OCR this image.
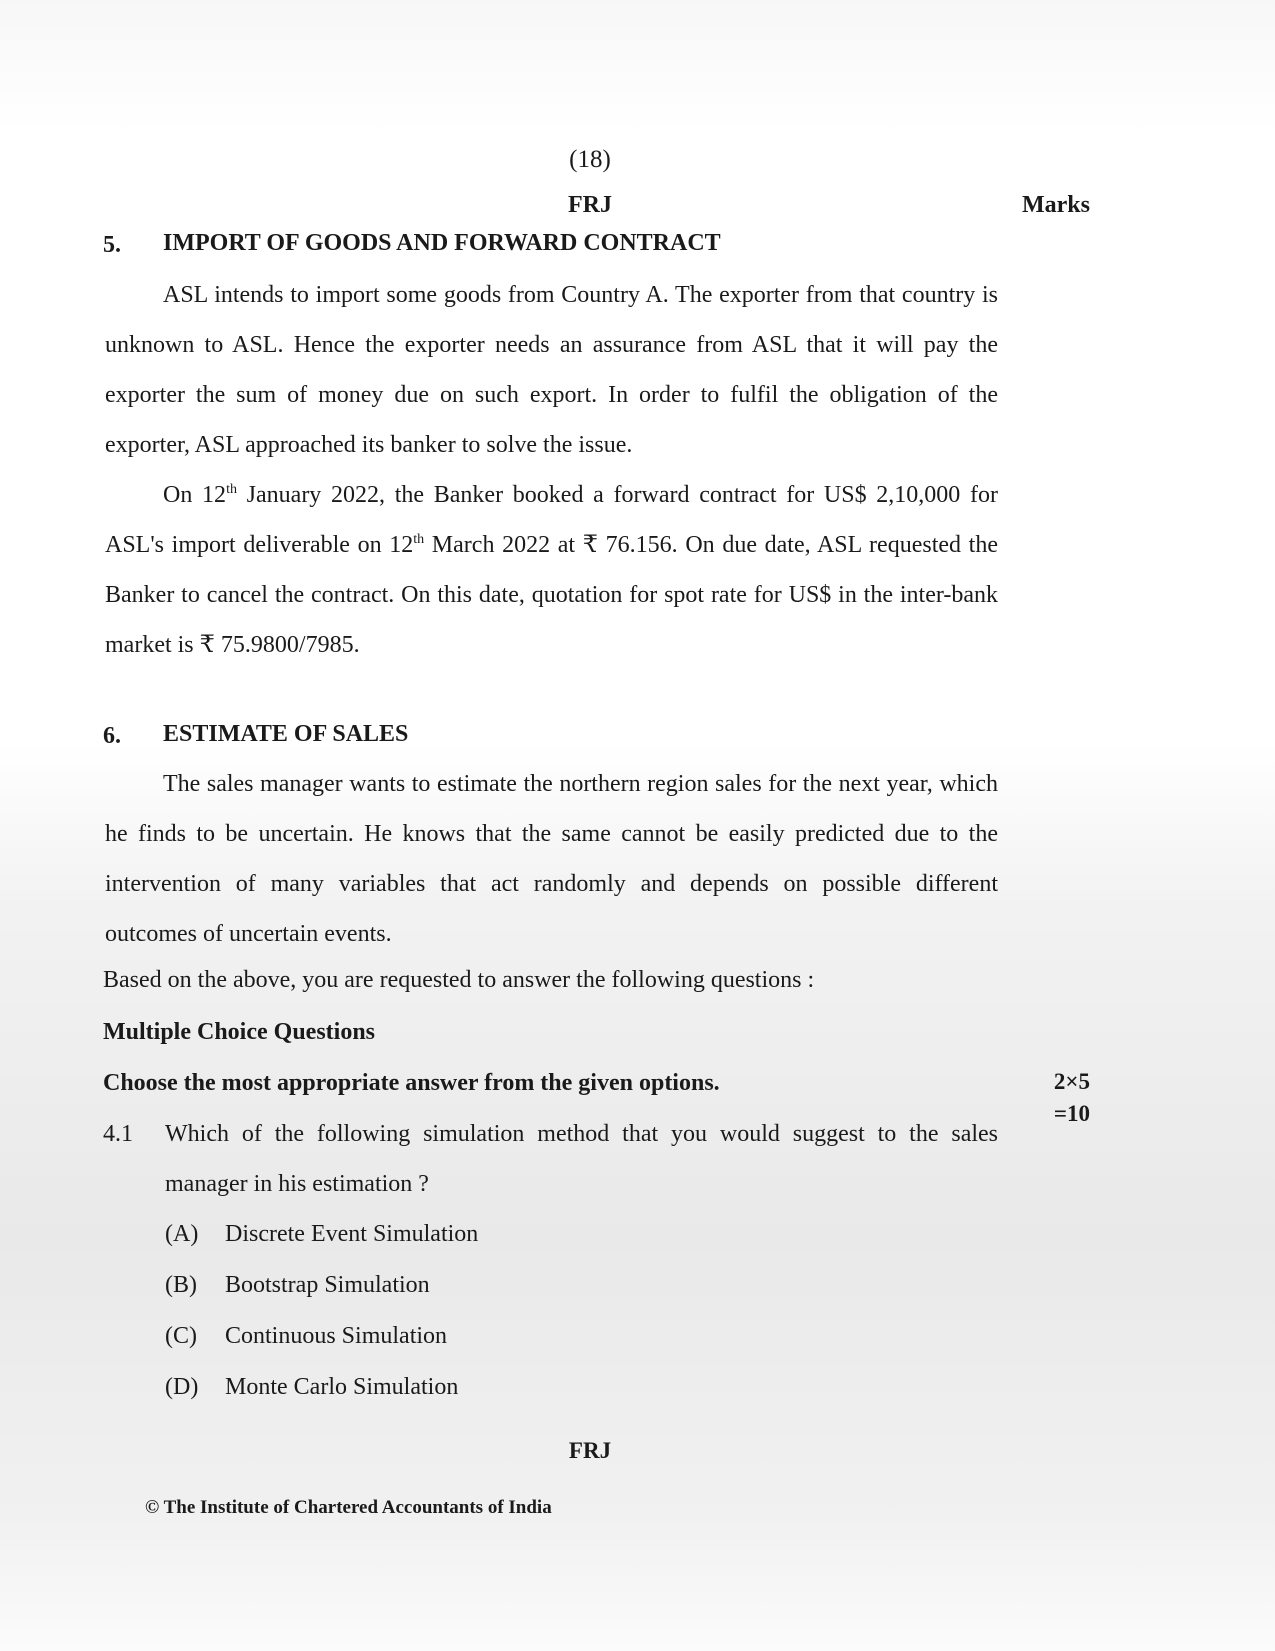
(18)
FRJ	Marks
5. IMPORT OF GOODS AND FORWARD CONTRACT

ASL intends to import some goods from Country A. The exporter from that country is unknown to ASL. Hence the exporter needs an assurance from ASL that it will pay the exporter the sum of money due on such export. In order to fulfil the obligation of the exporter, ASL approached its banker to solve the issue.

On 12th January 2022, the Banker booked a forward contract for US$ 2,10,000 for ASL's import deliverable on 12th March 2022 at ₹ 76.156. On due date, ASL requested the Banker to cancel the contract. On this date, quotation for spot rate for US$ in the inter-bank market is ₹ 75.9800/7985.

6. ESTIMATE OF SALES

The sales manager wants to estimate the northern region sales for the next year, which he finds to be uncertain. He knows that the same cannot be easily predicted due to the intervention of many variables that act randomly and depends on possible different outcomes of uncertain events.

Based on the above, you are requested to answer the following questions :
Multiple Choice Questions
Choose the most appropriate answer from the given options.	2×5
=10
4.1 Which of the following simulation method that you would suggest to the sales manager in his estimation ?
(A) Discrete Event Simulation
(B) Bootstrap Simulation
(C) Continuous Simulation
(D) Monte Carlo Simulation
FRJ
© The Institute of Chartered Accountants of India
